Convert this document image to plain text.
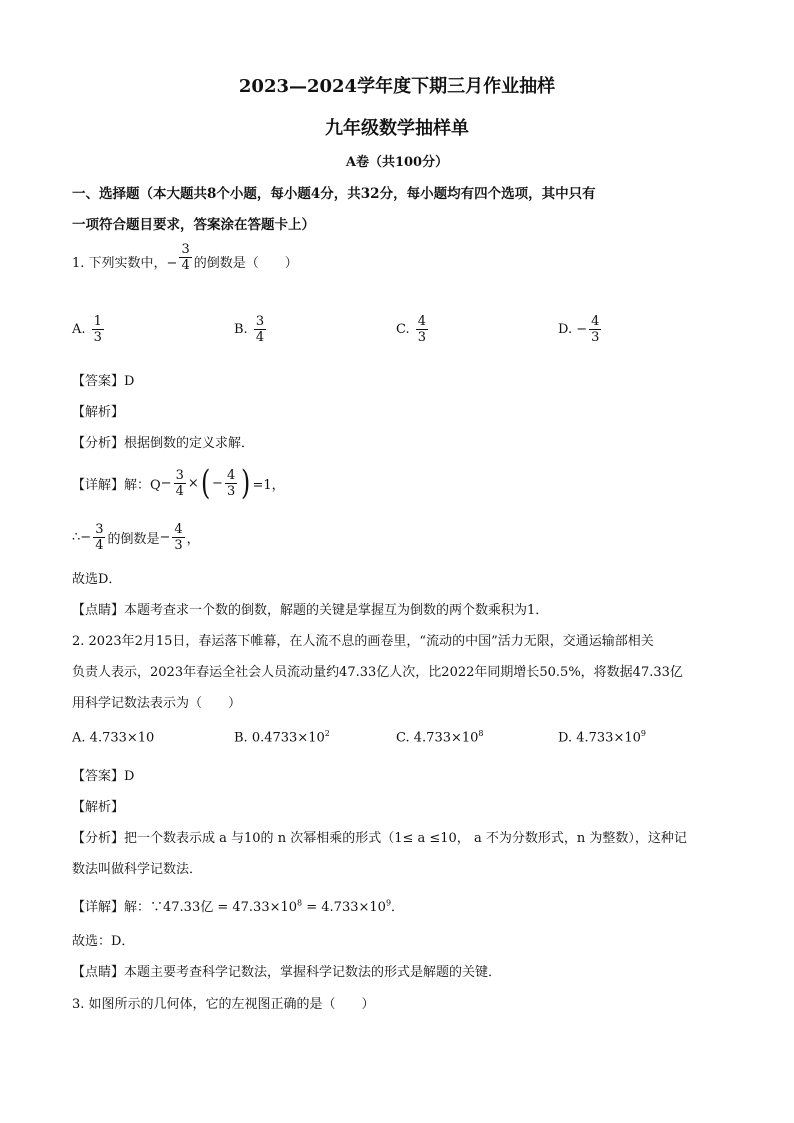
2023—2024学年度下期三月作业抽样
九年级数学抽样单
A卷（共100分）
一、选择题（本大题共8个小题，每小题4分，共32分，每小题均有四个选项，其中只有
一项符合题目要求，答案涂在答题卡上）
1. 下列实数中，− $\frac{3}{4}$ 的倒数是（　　）
A. $\frac{1}{3}$	B. $\frac{3}{4}$	C. $\frac{4}{3}$	D. − $\frac{4}{3}$
【答案】D
【解析】
【分析】根据倒数的定义求解．
【详解】解：$Q - \frac{3}{4}$ × ( − $\frac{4}{3}$ ) =1，
∴ − $\frac{3}{4}$ 的倒数是 − $\frac{4}{3}$ ，
故选D．
【点睛】本题考查求一个数的倒数，解题的关键是掌握互为倒数的两个数乘积为1．
2. 2023年2月15日，春运落下帷幕，在人流不息的画卷里，“流动的中国”活力无限，交通运输部相关
负责人表示，2023年春运全社会人员流动量约47.33亿人次，比2022年同期增长50.5%，将数据47.33亿
用科学记数法表示为（　　）
A. 4.733×10	B. $0.4733\times 10^2$	C. $4.733\times 10^8$	D. $4.733\times 10^9$
【答案】D
【解析】
【分析】把一个数表示成 a 与10的 n 次幂相乘的形式（1≤ a ≤10， a 不为分数形式，n 为整数），这种记
数法叫做科学记数法．
【详解】解：∵47.33亿 = $47.33\times 10^8 = 4.733\times 10^9$．
故选：D．
【点睛】本题主要考查科学记数法，掌握科学记数法的形式是解题的关键．
3. 如图所示的几何体，它的左视图正确的是（　　）
